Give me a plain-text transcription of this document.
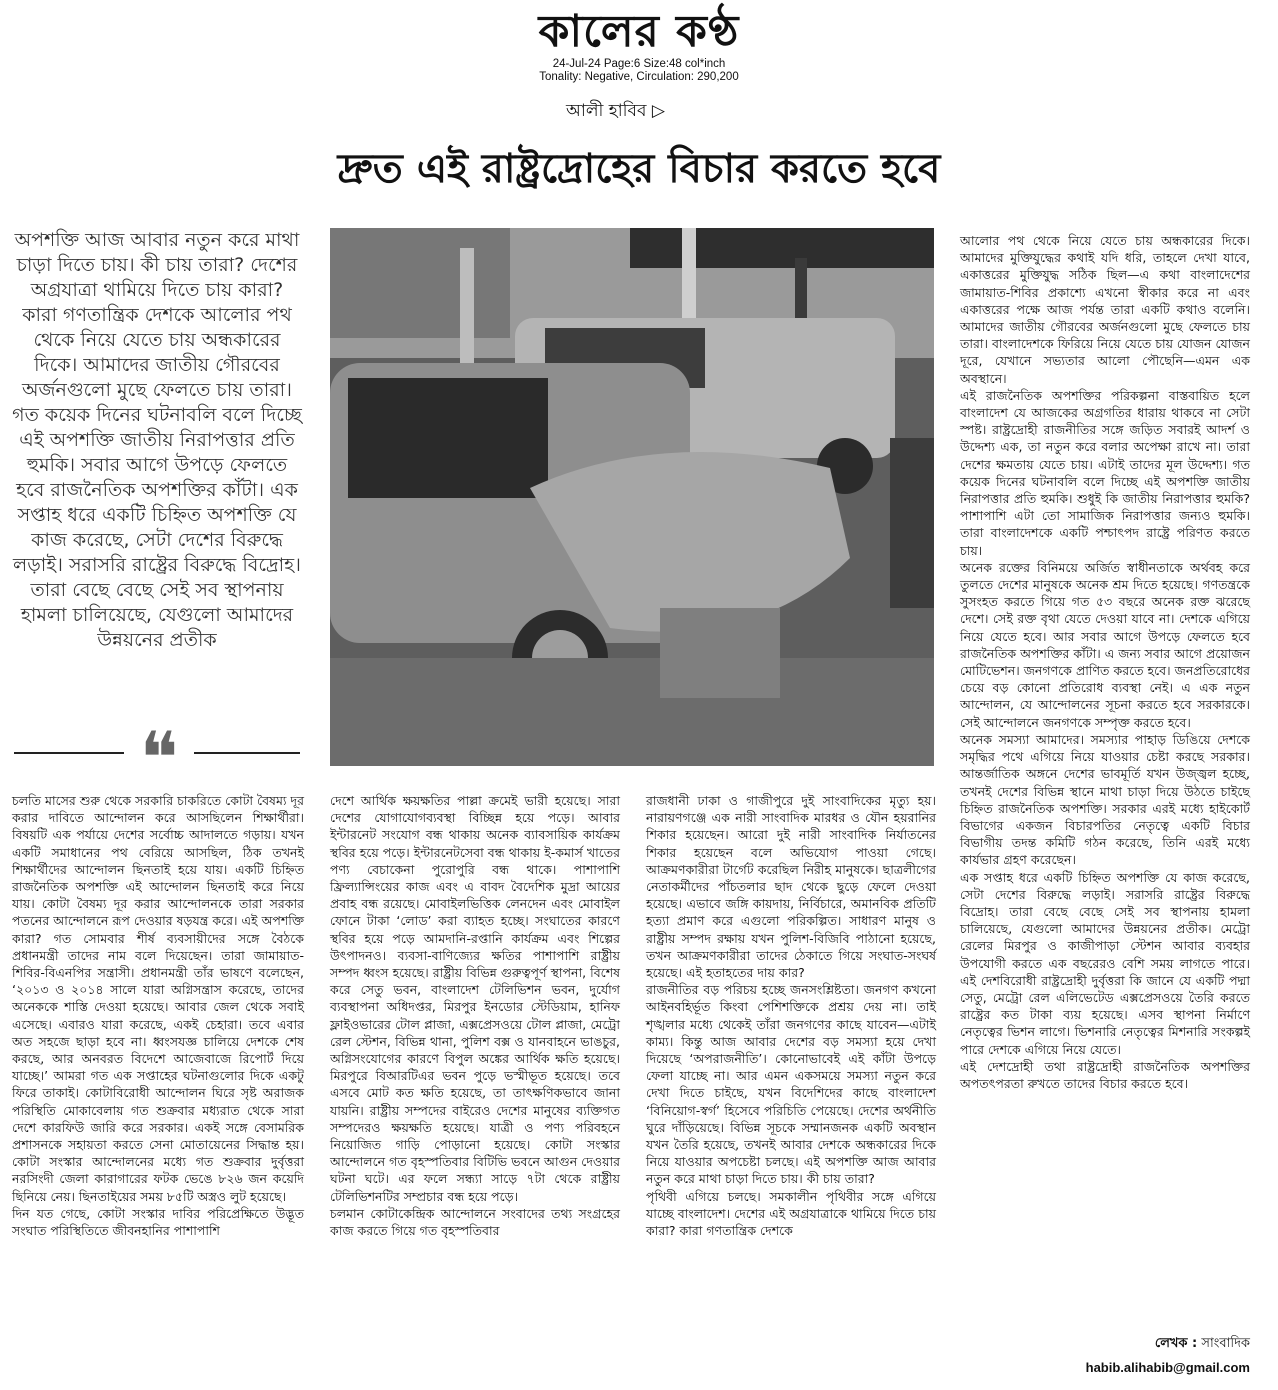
কালের কণ্ঠ
24-Jul-24 Page:6 Size:48 col*inch
Tonality: Negative, Circulation: 290,200
আলী হাবিব ▷
দ্রুত এই রাষ্ট্রদ্রোহের বিচার করতে হবে
অপশক্তি আজ আবার নতুন করে মাথা চাড়া দিতে চায়। কী চায় তারা? দেশের অগ্রযাত্রা থামিয়ে দিতে চায় কারা? কারা গণতান্ত্রিক দেশকে আলোর পথ থেকে নিয়ে যেতে চায় অন্ধকারের দিকে। আমাদের জাতীয় গৌরবের অর্জনগুলো মুছে ফেলতে চায় তারা। গত কয়েক দিনের ঘটনাবলি বলে দিচ্ছে এই অপশক্তি জাতীয় নিরাপত্তার প্রতি হুমকি। সবার আগে উপড়ে ফেলতে হবে রাজনৈতিক অপশক্তির কাঁটা। এক সপ্তাহ ধরে একটি চিহ্নিত অপশক্তি যে কাজ করেছে, সেটা দেশের বিরুদ্ধে লড়াই। সরাসরি রাষ্ট্রের বিরুদ্ধে বিদ্রোহ। তারা বেছে বেছে সেই সব স্থাপনায় হামলা চালিয়েছে, যেগুলো আমাদের উন্নয়নের প্রতীক
❝

চলতি মাসের শুরু থেকে সরকারি চাকরিতে কোটা বৈষম্য দূর করার দাবিতে আন্দোলন করে আসছিলেন শিক্ষার্থীরা। বিষয়টি এক পর্যায়ে দেশের সর্বোচ্চ আদালতে গড়ায়। যখন একটি সমাধানের পথ বেরিয়ে আসছিল, ঠিক তখনই শিক্ষার্থীদের আন্দোলন ছিনতাই হয়ে যায়। একটি চিহ্নিত রাজনৈতিক অপশক্তি এই আন্দোলন ছিনতাই করে নিয়ে যায়। কোটা বৈষম্য দূর করার আন্দোলনকে তারা সরকার পতনের আন্দোলনে রূপ দেওয়ার ষড়যন্ত্র করে। এই অপশক্তি কারা? গত সোমবার শীর্ষ ব্যবসায়ীদের সঙ্গে বৈঠকে প্রধানমন্ত্রী তাদের নাম বলে দিয়েছেন। তারা জামায়াত-শিবির-বিএনপির সন্ত্রাসী। প্রধানমন্ত্রী তাঁর ভাষণে বলেছেন, ‘২০১৩ ও ২০১৪ সালে যারা অগ্নিসন্ত্রাস করেছে, তাদের অনেককে শাস্তি দেওয়া হয়েছে। আবার জেল থেকে সবাই এসেছে। এবারও যারা করেছে, একই চেহারা। তবে এবার অত সহজে ছাড়া হবে না। ধ্বংসযজ্ঞ চালিয়ে দেশকে শেষ করছে, আর অনবরত বিদেশে আজেবাজে রিপোর্ট দিয়ে যাচ্ছে।’ আমরা গত এক সপ্তাহের ঘটনাগুলোর দিকে একটু ফিরে তাকাই। কোটাবিরোধী আন্দোলন ঘিরে সৃষ্ট অরাজক পরিস্থিতি মোকাবেলায় গত শুক্রবার মধ্যরাত থেকে সারা দেশে কারফিউ জারি করে সরকার। একই সঙ্গে বেসামরিক প্রশাসনকে সহায়তা করতে সেনা মোতায়েনের সিদ্ধান্ত হয়। কোটা সংস্কার আন্দোলনের মধ্যে গত শুক্রবার দুর্বৃত্তরা নরসিংদী জেলা কারাগারের ফটক ভেঙে ৮২৬ জন কয়েদি ছিনিয়ে নেয়। ছিনতাইয়ের সময় ৮৫টি অস্ত্রও লুট হয়েছে।

দিন যত গেছে, কোটা সংস্কার দাবির পরিপ্রেক্ষিতে উদ্ভূত সংঘাত পরিস্থিতিতে জীবনহানির পাশাপাশি

দেশে আর্থিক ক্ষয়ক্ষতির পাল্লা ক্রমেই ভারী হয়েছে। সারা দেশের যোগাযোগব্যবস্থা বিচ্ছিন্ন হয়ে পড়ে। আবার ইন্টারনেট সংযোগ বন্ধ থাকায় অনেক ব্যাবসায়িক কার্যক্রম স্থবির হয়ে পড়ে। ইন্টারনেটসেবা বন্ধ থাকায় ই-কমার্স খাতের পণ্য বেচাকেনা পুরোপুরি বন্ধ থাকে। পাশাপাশি ফ্রিল্যান্সিংয়ের কাজ এবং এ বাবদ বৈদেশিক মুদ্রা আয়ের প্রবাহ বন্ধ রয়েছে। মোবাইলভিত্তিক লেনদেন এবং মোবাইল ফোনে টাকা ‘লোড’ করা ব্যাহত হচ্ছে। সংঘাতের কারণে স্থবির হয়ে পড়ে আমদানি-রপ্তানি কার্যক্রম এবং শিল্পের উৎপাদনও। ব্যবসা-বাণিজ্যের ক্ষতির পাশাপাশি রাষ্ট্রীয় সম্পদ ধ্বংস হয়েছে। রাষ্ট্রীয় বিভিন্ন গুরুত্বপূর্ণ স্থাপনা, বিশেষ করে সেতু ভবন, বাংলাদেশ টেলিভিশন ভবন, দুর্যোগ ব্যবস্থাপনা অধিদপ্তর, মিরপুর ইনডোর স্টেডিয়াম, হানিফ ফ্লাইওভারের টোল প্লাজা, এক্সপ্রেসওয়ে টোল প্লাজা, মেট্রো রেল স্টেশন, বিভিন্ন থানা, পুলিশ বক্স ও যানবাহনে ভাঙচুর, অগ্নিসংযোগের কারণে বিপুল অঙ্কের আর্থিক ক্ষতি হয়েছে। মিরপুরে বিআরটিএর ভবন পুড়ে ভস্মীভূত হয়েছে। তবে এসবে মোট কত ক্ষতি হয়েছে, তা তাৎক্ষণিকভাবে জানা যায়নি। রাষ্ট্রীয় সম্পদের বাইরেও দেশের মানুষের ব্যক্তিগত সম্পদেরও ক্ষয়ক্ষতি হয়েছে। যাত্রী ও পণ্য পরিবহনে নিয়োজিত গাড়ি পোড়ানো হয়েছে। কোটা সংস্কার আন্দোলনে গত বৃহস্পতিবার বিটিভি ভবনে আগুন দেওয়ার ঘটনা ঘটে। এর ফলে সন্ধ্যা সাড়ে ৭টা থেকে রাষ্ট্রীয় টেলিভিশনটির সম্প্রচার বন্ধ হয়ে পড়ে।

চলমান কোটাকেন্দ্রিক আন্দোলনে সংবাদের তথ্য সংগ্রহের কাজ করতে গিয়ে গত বৃহস্পতিবার

রাজধানী ঢাকা ও গাজীপুরে দুই সাংবাদিকের মৃত্যু হয়। নারায়ণগঞ্জে এক নারী সাংবাদিক মারধর ও যৌন হয়রানির শিকার হয়েছেন। আরো দুই নারী সাংবাদিক নির্যাতনের শিকার হয়েছেন বলে অভিযোগ পাওয়া গেছে। আক্রমণকারীরা টার্গেট করেছিল নিরীহ মানুষকে। ছাত্রলীগের নেতাকর্মীদের পাঁচতলার ছাদ থেকে ছুড়ে ফেলে দেওয়া হয়েছে। এভাবে জঙ্গি কায়দায়, নির্বিচারে, অমানবিক প্রতিটি হত্যা প্রমাণ করে এগুলো পরিকল্পিত। সাধারণ মানুষ ও রাষ্ট্রীয় সম্পদ রক্ষায় যখন পুলিশ-বিজিবি পাঠানো হয়েছে, তখন আক্রমণকারীরা তাদের ঠেকাতে গিয়ে সংঘাত-সংঘর্ষ হয়েছে। এই হতাহতের দায় কার?

রাজনীতির বড় পরিচয় হচ্ছে জনসংশ্লিষ্টতা। জনগণ কখনো আইনবহির্ভূত কিংবা পেশিশক্তিকে প্রশ্রয় দেয় না। তাই শৃঙ্খলার মধ্যে থেকেই তাঁরা জনগণের কাছে যাবেন—এটাই কাম্য। কিন্তু আজ আবার দেশের বড় সমস্যা হয়ে দেখা দিয়েছে ‘অপরাজনীতি’। কোনোভাবেই এই কাঁটা উপড়ে ফেলা যাচ্ছে না। আর এমন একসময়ে সমস্যা নতুন করে দেখা দিতে চাইছে, যখন বিদেশিদের কাছে বাংলাদেশ ‘বিনিয়োগ-স্বর্গ’ হিসেবে পরিচিতি পেয়েছে। দেশের অর্থনীতি ঘুরে দাঁড়িয়েছে। বিভিন্ন সূচকে সম্মানজনক একটি অবস্থান যখন তৈরি হয়েছে, তখনই আবার দেশকে অন্ধকারের দিকে নিয়ে যাওয়ার অপচেষ্টা চলছে। এই অপশক্তি আজ আবার নতুন করে মাথা চাড়া দিতে চায়। কী চায় তারা?

পৃথিবী এগিয়ে চলছে। সমকালীন পৃথিবীর সঙ্গে এগিয়ে যাচ্ছে বাংলাদেশ। দেশের এই অগ্রযাত্রাকে থামিয়ে দিতে চায় কারা? কারা গণতান্ত্রিক দেশকে

আলোর পথ থেকে নিয়ে যেতে চায় অন্ধকারের দিকে। আমাদের মুক্তিযুদ্ধের কথাই যদি ধরি, তাহলে দেখা যাবে, একাত্তরের মুক্তিযুদ্ধ সঠিক ছিল—এ কথা বাংলাদেশের জামায়াত-শিবির প্রকাশ্যে এখনো স্বীকার করে না এবং একাত্তরের পক্ষে আজ পর্যন্ত তারা একটি কথাও বলেনি। আমাদের জাতীয় গৌরবের অর্জনগুলো মুছে ফেলতে চায় তারা। বাংলাদেশকে ফিরিয়ে নিয়ে যেতে চায় যোজন যোজন দূরে, যেখানে সভ্যতার আলো পৌছেনি—এমন এক অবস্থানে।

এই রাজনৈতিক অপশক্তির পরিকল্পনা বাস্তবায়িত হলে বাংলাদেশ যে আজকের অগ্রগতির ধারায় থাকবে না সেটা স্পষ্ট। রাষ্ট্রদ্রোহী রাজনীতির সঙ্গে জড়িত সবারই আদর্শ ও উদ্দেশ্য এক, তা নতুন করে বলার অপেক্ষা রাখে না। তারা দেশের ক্ষমতায় যেতে চায়। এটাই তাদের মূল উদ্দেশ্য। গত কয়েক দিনের ঘটনাবলি বলে দিচ্ছে এই অপশক্তি জাতীয় নিরাপত্তার প্রতি হুমকি। শুধুই কি জাতীয় নিরাপত্তার হুমকি? পাশাপাশি এটা তো সামাজিক নিরাপত্তার জন্যও হুমকি। তারা বাংলাদেশকে একটি পশ্চাৎপদ রাষ্ট্রে পরিণত করতে চায়।

অনেক রক্তের বিনিময়ে অর্জিত স্বাধীনতাকে অর্থবহ করে তুলতে দেশের মানুষকে অনেক শ্রম দিতে হয়েছে। গণতন্ত্রকে সুসংহত করতে গিয়ে গত ৫৩ বছরে অনেক রক্ত ঝরেছে দেশে। সেই রক্ত বৃথা যেতে দেওয়া যাবে না। দেশকে এগিয়ে নিয়ে যেতে হবে। আর সবার আগে উপড়ে ফেলতে হবে রাজনৈতিক অপশক্তির কাঁটা। এ জন্য সবার আগে প্রয়োজন মোটিভেশন। জনগণকে প্রাণিত করতে হবে। জনপ্রতিরোধের চেয়ে বড় কোনো প্রতিরোধ ব্যবস্থা নেই। এ এক নতুন আন্দোলন, যে আন্দোলনের সূচনা করতে হবে সরকারকে। সেই আন্দোলনে জনগণকে সম্পৃক্ত করতে হবে।

অনেক সমস্যা আমাদের। সমস্যার পাহাড় ডিঙিয়ে দেশকে সমৃদ্ধির পথে এগিয়ে নিয়ে যাওয়ার চেষ্টা করছে সরকার। আন্তর্জাতিক অঙ্গনে দেশের ভাবমূর্তি যখন উজ্জ্বল হচ্ছে, তখনই দেশের বিভিন্ন স্থানে মাথা চাড়া দিয়ে উঠতে চাইছে চিহ্নিত রাজনৈতিক অপশক্তি। সরকার এরই মধ্যে হাইকোর্ট বিভাগের একজন বিচারপতির নেতৃত্বে একটি বিচার বিভাগীয় তদন্ত কমিটি গঠন করেছে, তিনি এরই মধ্যে কার্যভার গ্রহণ করেছেন।

এক সপ্তাহ ধরে একটি চিহ্নিত অপশক্তি যে কাজ করেছে, সেটা দেশের বিরুদ্ধে লড়াই। সরাসরি রাষ্ট্রের বিরুদ্ধে বিদ্রোহ। তারা বেছে বেছে সেই সব স্থাপনায় হামলা চালিয়েছে, যেগুলো আমাদের উন্নয়নের প্রতীক। মেট্রো রেলের মিরপুর ও কাজীপাড়া স্টেশন আবার ব্যবহার উপযোগী করতে এক বছরেরও বেশি সময় লাগতে পারে। এই দেশবিরোধী রাষ্ট্রদ্রোহী দুর্বৃত্তরা কি জানে যে একটি পদ্মা সেতু, মেট্রো রেল এলিভেটেড এক্সপ্রেসওয়ে তৈরি করতে রাষ্ট্রের কত টাকা ব্যয় হয়েছে। এসব স্থাপনা নির্মাণে নেতৃত্বের ভিশন লাগে। ভিশনারি নেতৃত্বের মিশনারি সংকল্পই পারে দেশকে এগিয়ে নিয়ে যেতে।

এই দেশদ্রোহী তথা রাষ্ট্রদ্রোহী রাজনৈতিক অপশক্তির অপতৎপরতা রুখতে তাদের বিচার করতে হবে।

লেখক : সাংবাদিক
habib.alihabib@gmail.com
